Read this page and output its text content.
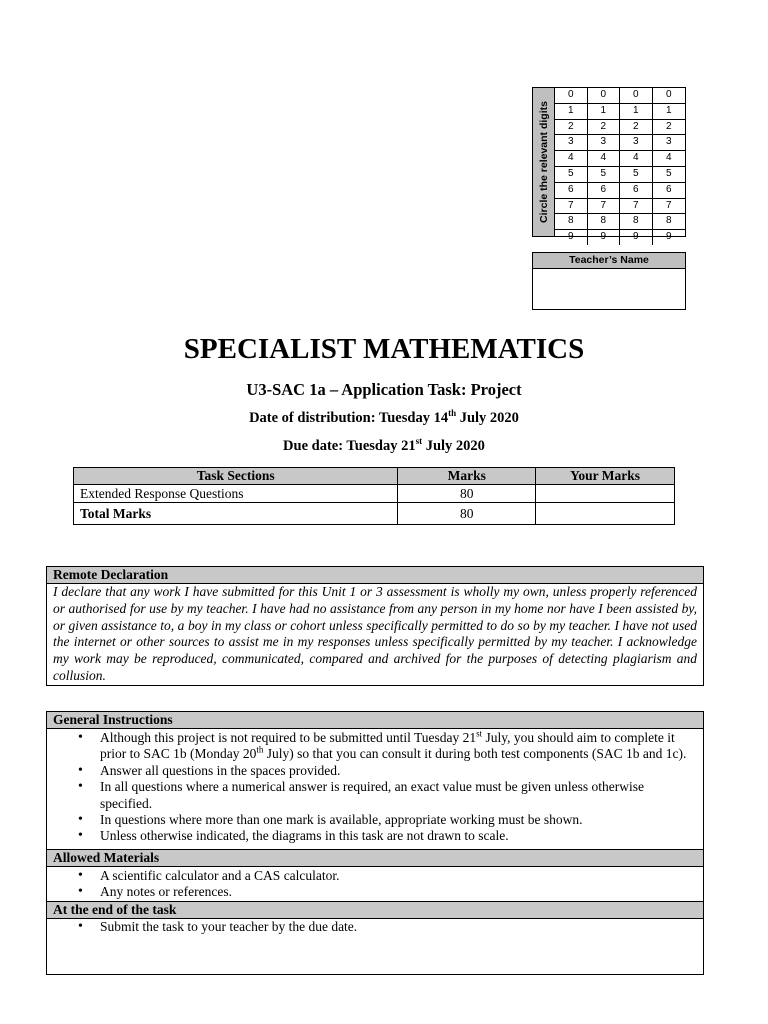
Circle the relevant digits
0	0	0	0
1	1	1	1
2	2	2	2
3	3	3	3
4	4	4	4
5	5	5	5
6	6	6	6
7	7	7	7
8	8	8	8
9	9	9	9
Teacher’s Name
SPECIALIST MATHEMATICS
U3-SAC 1a – Application Task: Project
Date of distribution: Tuesday 14th July 2020
Due date: Tuesday 21st July 2020
Task Sections	Marks	Your Marks
Extended Response Questions	80	
Total Marks	80	
Remote Declaration
I declare that any work I have submitted for this Unit 1 or 3 assessment is wholly my own, unless properly referenced or authorised for use by my teacher. I have had no assistance from any person in my home nor have I been assisted by, or given assistance to, a boy in my class or cohort unless specifically permitted to do so by my teacher. I have not used the internet or other sources to assist me in my responses unless specifically permitted by my teacher. I acknowledge my work may be reproduced, communicated, compared and archived for the purposes of detecting plagiarism and collusion.
General Instructions
• Although this project is not required to be submitted until Tuesday 21st July, you should aim to complete it prior to SAC 1b (Monday 20th July) so that you can consult it during both test components (SAC 1b and 1c).
• Answer all questions in the spaces provided.
• In all questions where a numerical answer is required, an exact value must be given unless otherwise specified.
• In questions where more than one mark is available, appropriate working must be shown.
• Unless otherwise indicated, the diagrams in this task are not drawn to scale.
Allowed Materials
• A scientific calculator and a CAS calculator.
• Any notes or references.
At the end of the task
• Submit the task to your teacher by the due date.
